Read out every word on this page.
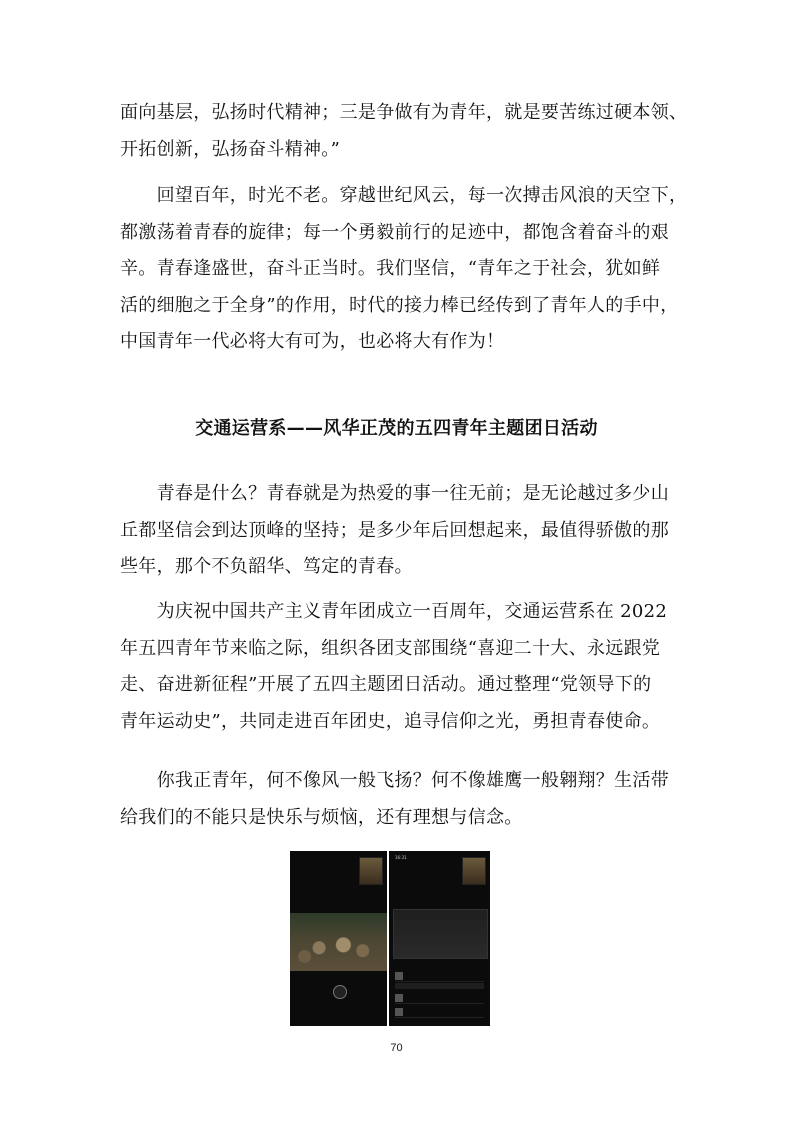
面向基层，弘扬时代精神；三是争做有为青年，就是要苦练过硬本领、
开拓创新，弘扬奋斗精神。”

　　回望百年，时光不老。穿越世纪风云，每一次搏击风浪的天空下，
都激荡着青春的旋律；每一个勇毅前行的足迹中，都饱含着奋斗的艰
辛。青春逢盛世，奋斗正当时。我们坚信，“青年之于社会，犹如鲜
活的细胞之于全身”的作用，时代的接力棒已经传到了青年人的手中，
中国青年一代必将大有可为，也必将大有作为！

交通运营系——风华正茂的五四青年主题团日活动

　　青春是什么？青春就是为热爱的事一往无前；是无论越过多少山
丘都坚信会到达顶峰的坚持；是多少年后回想起来，最值得骄傲的那
些年，那个不负韶华、笃定的青春。

　　为庆祝中国共产主义青年团成立一百周年，交通运营系在 2022
年五四青年节来临之际，组织各团支部围绕“喜迎二十大、永远跟党
走、奋进新征程”开展了五四主题团日活动。通过整理“党领导下的
青年运动史”，共同走进百年团史，追寻信仰之光，勇担青春使命。

　　你我正青年，何不像风一般飞扬？何不像雄鹰一般翱翔？生活带
给我们的不能只是快乐与烦恼，还有理想与信念。

16:31
70
